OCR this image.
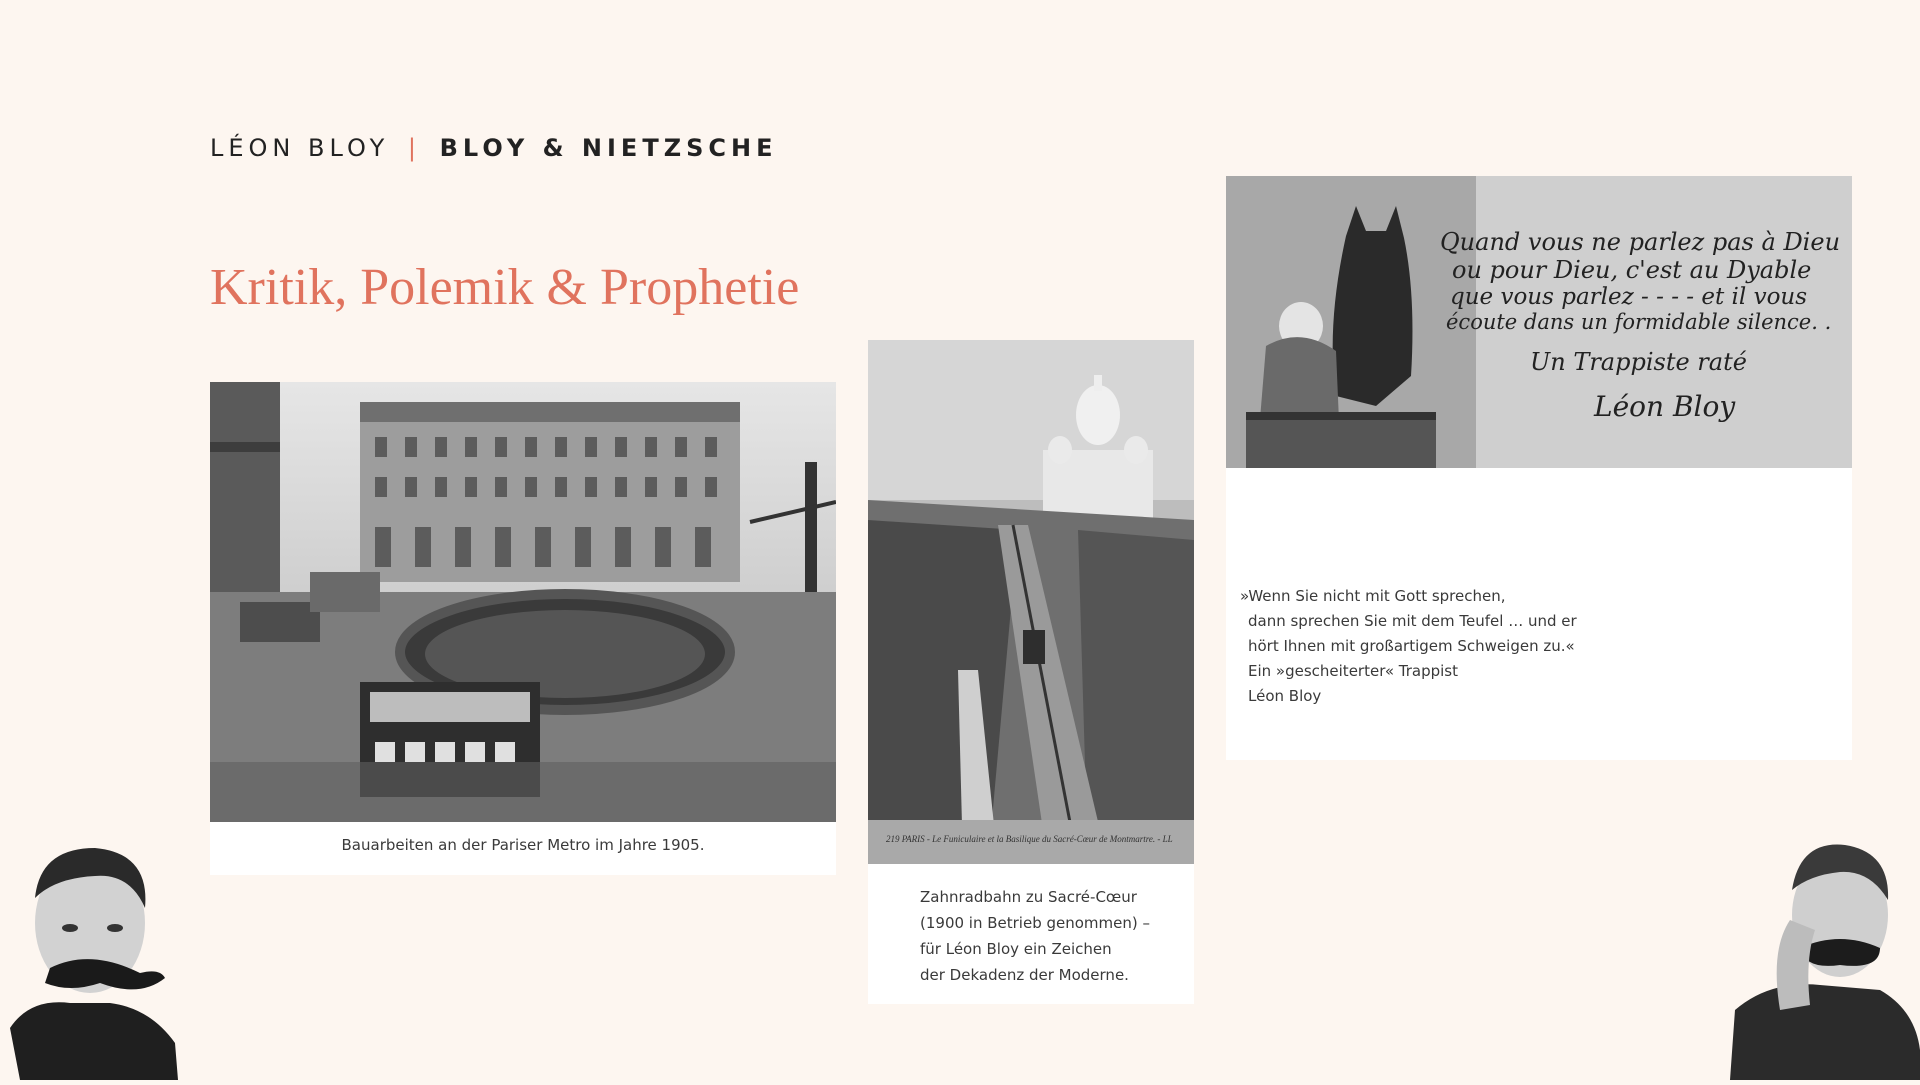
LÉON BLOY | BLOY & NIETZSCHE
Kritik, Polemik & Prophetie
Bauarbeiten an der Pariser Metro im Jahre 1905.	219 PARIS - Le Funiculaire et la Basilique du Sacré-Cœur de Montmartre. - LL
Zahnradbahn zu Sacré-Cœur
(1900 in Betrieb genommen) –
für Léon Bloy ein Zeichen
der Dekadenz der Moderne.
Quand vous ne parlez pas à Dieu
ou pour Dieu, c'est au Dyable
que vous parlez - - - - et il vous
écoute dans un formidable silence. .
Un Trappiste raté
Léon Bloy
»Wenn Sie nicht mit Gott sprechen,
dann sprechen Sie mit dem Teufel … und er
hört Ihnen mit großartigem Schweigen zu.«
Ein »gescheiterter« Trappist
Léon Bloy
